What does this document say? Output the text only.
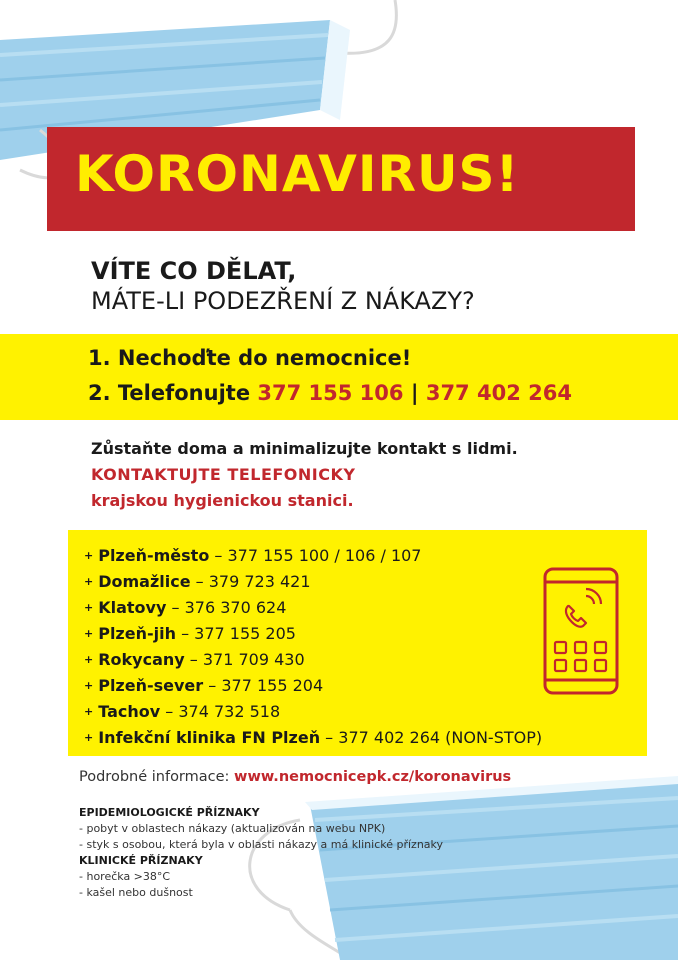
KORONAVIRUS!
VÍTE CO DĚLAT,
MÁTE-LI PODEZŘENÍ Z NÁKAZY?
1. Nechoďte do nemocnice!
2. Telefonujte 377 155 106 | 377 402 264
Zůstaňte doma a minimalizujte kontakt s lidmi.
KONTAKTUJTE TELEFONICKY
krajskou hygienickou stanici.
+ Plzeň-město – 377 155 100 / 106 / 107
+ Domažlice – 379 723 421
+ Klatovy – 376 370 624
+ Plzeň-jih – 377 155 205
+ Rokycany – 371 709 430
+ Plzeň-sever – 377 155 204
+ Tachov – 374 732 518
+ Infekční klinika FN Plzeň – 377 402 264 (NON-STOP)
Podrobné informace: www.nemocnicepk.cz/koronavirus
EPIDEMIOLOGICKÉ PŘÍZNAKY
- pobyt v oblastech nákazy (aktualizován na webu NPK)
- styk s osobou, která byla v oblasti nákazy a má klinické příznaky
KLINICKÉ PŘÍZNAKY
- horečka >38°C
- kašel nebo dušnost
